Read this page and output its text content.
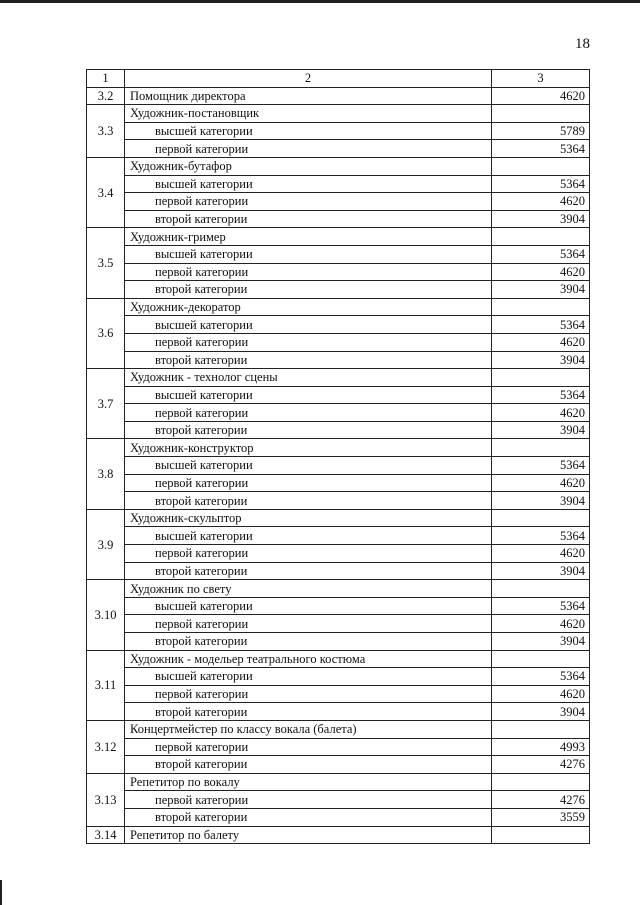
18
1	2	3
3.2	Помощник директора	4620
3.3	Художник-постановщик	
	высшей категории	5789
	первой категории	5364
3.4	Художник-бутафор	
	высшей категории	5364
	первой категории	4620
	второй категории	3904
3.5	Художник-гример	
	высшей категории	5364
	первой категории	4620
	второй категории	3904
3.6	Художник-декоратор	
	высшей категории	5364
	первой категории	4620
	второй категории	3904
3.7	Художник - технолог сцены	
	высшей категории	5364
	первой категории	4620
	второй категории	3904
3.8	Художник-конструктор	
	высшей категории	5364
	первой категории	4620
	второй категории	3904
3.9	Художник-скульптор	
	высшей категории	5364
	первой категории	4620
	второй категории	3904
3.10	Художник по свету	
	высшей категории	5364
	первой категории	4620
	второй категории	3904
3.11	Художник - модельер театрального костюма	
	высшей категории	5364
	первой категории	4620
	второй категории	3904
3.12	Концертмейстер по классу вокала (балета)	
	первой категории	4993
	второй категории	4276
3.13	Репетитор по вокалу	
	первой категории	4276
	второй категории	3559
3.14	Репетитор по балету	
